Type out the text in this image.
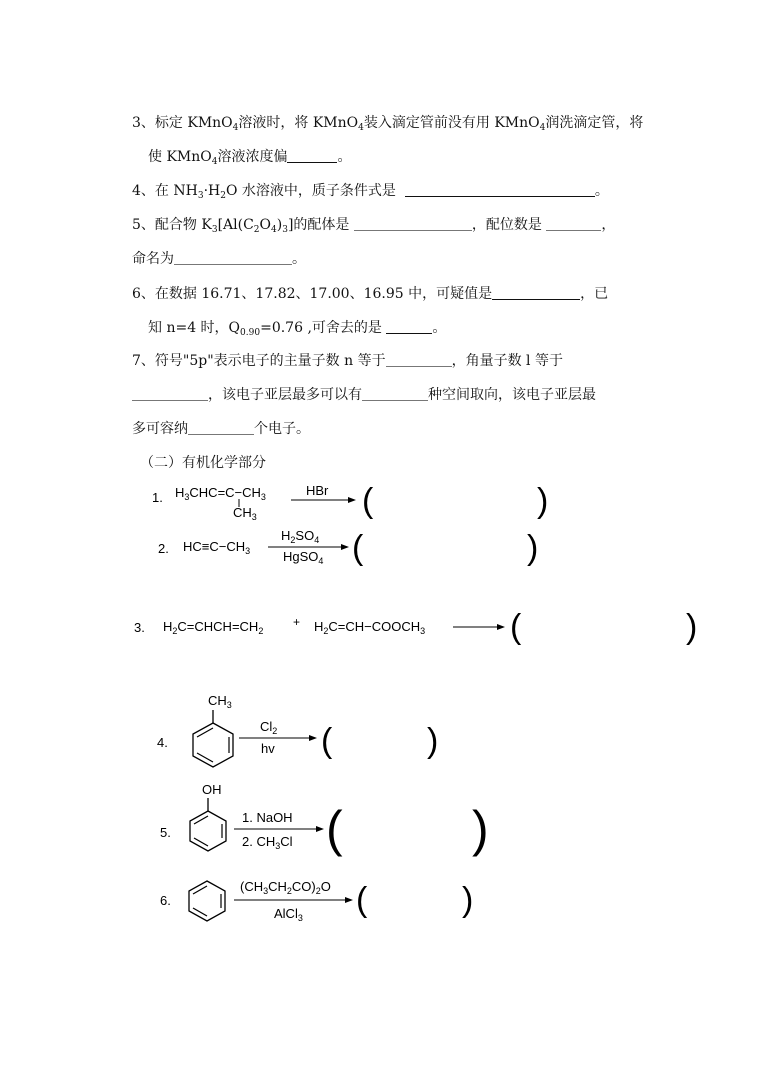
3、标定 KMnO$_4$溶液时，将 KMnO$_4$装入滴定管前没有用 KMnO$_4$润洗滴定管，将
使 KMnO$_4$溶液浓度偏	。
4、在 $NH_3\cdot H_2O$ 水溶液中，质子条件式是	。
5、配合物 $K_3[Al(C_2O_4)_3]$的配体是	，配位数是	，
命名为	。
6、在数据 16.71、17.82、17.00、16.95 中，可疑值是	，已
知 n=4 时，$Q_{0.90}=0.76$ ,可舍去的是	。
7、符号"5p"表示电子的主量子数 n 等于	，角量子数 l 等于
，该电子亚层最多可以有	种空间取向，该电子亚层最
多可容纳	个电子。
（二）有机化学部分
1. $H_3CHC=C-CH_3$
$CH_3$
HBr (	)
2. $HC\equiv C-CH_3$
$H_2SO_4$
HgSO$_4$ (	)
3. $H_2C=CHCH=CH_2$
+ $H_2C=CH-COOCH_3$ (	)
4.
$CH_3$
$Cl_2$
hv (	)
5.
OH
1. NaOH
2. $CH_3Cl$ (	)
6.
$(CH_3CH_2CO)_2O$
AlCl$_3$ (	)
